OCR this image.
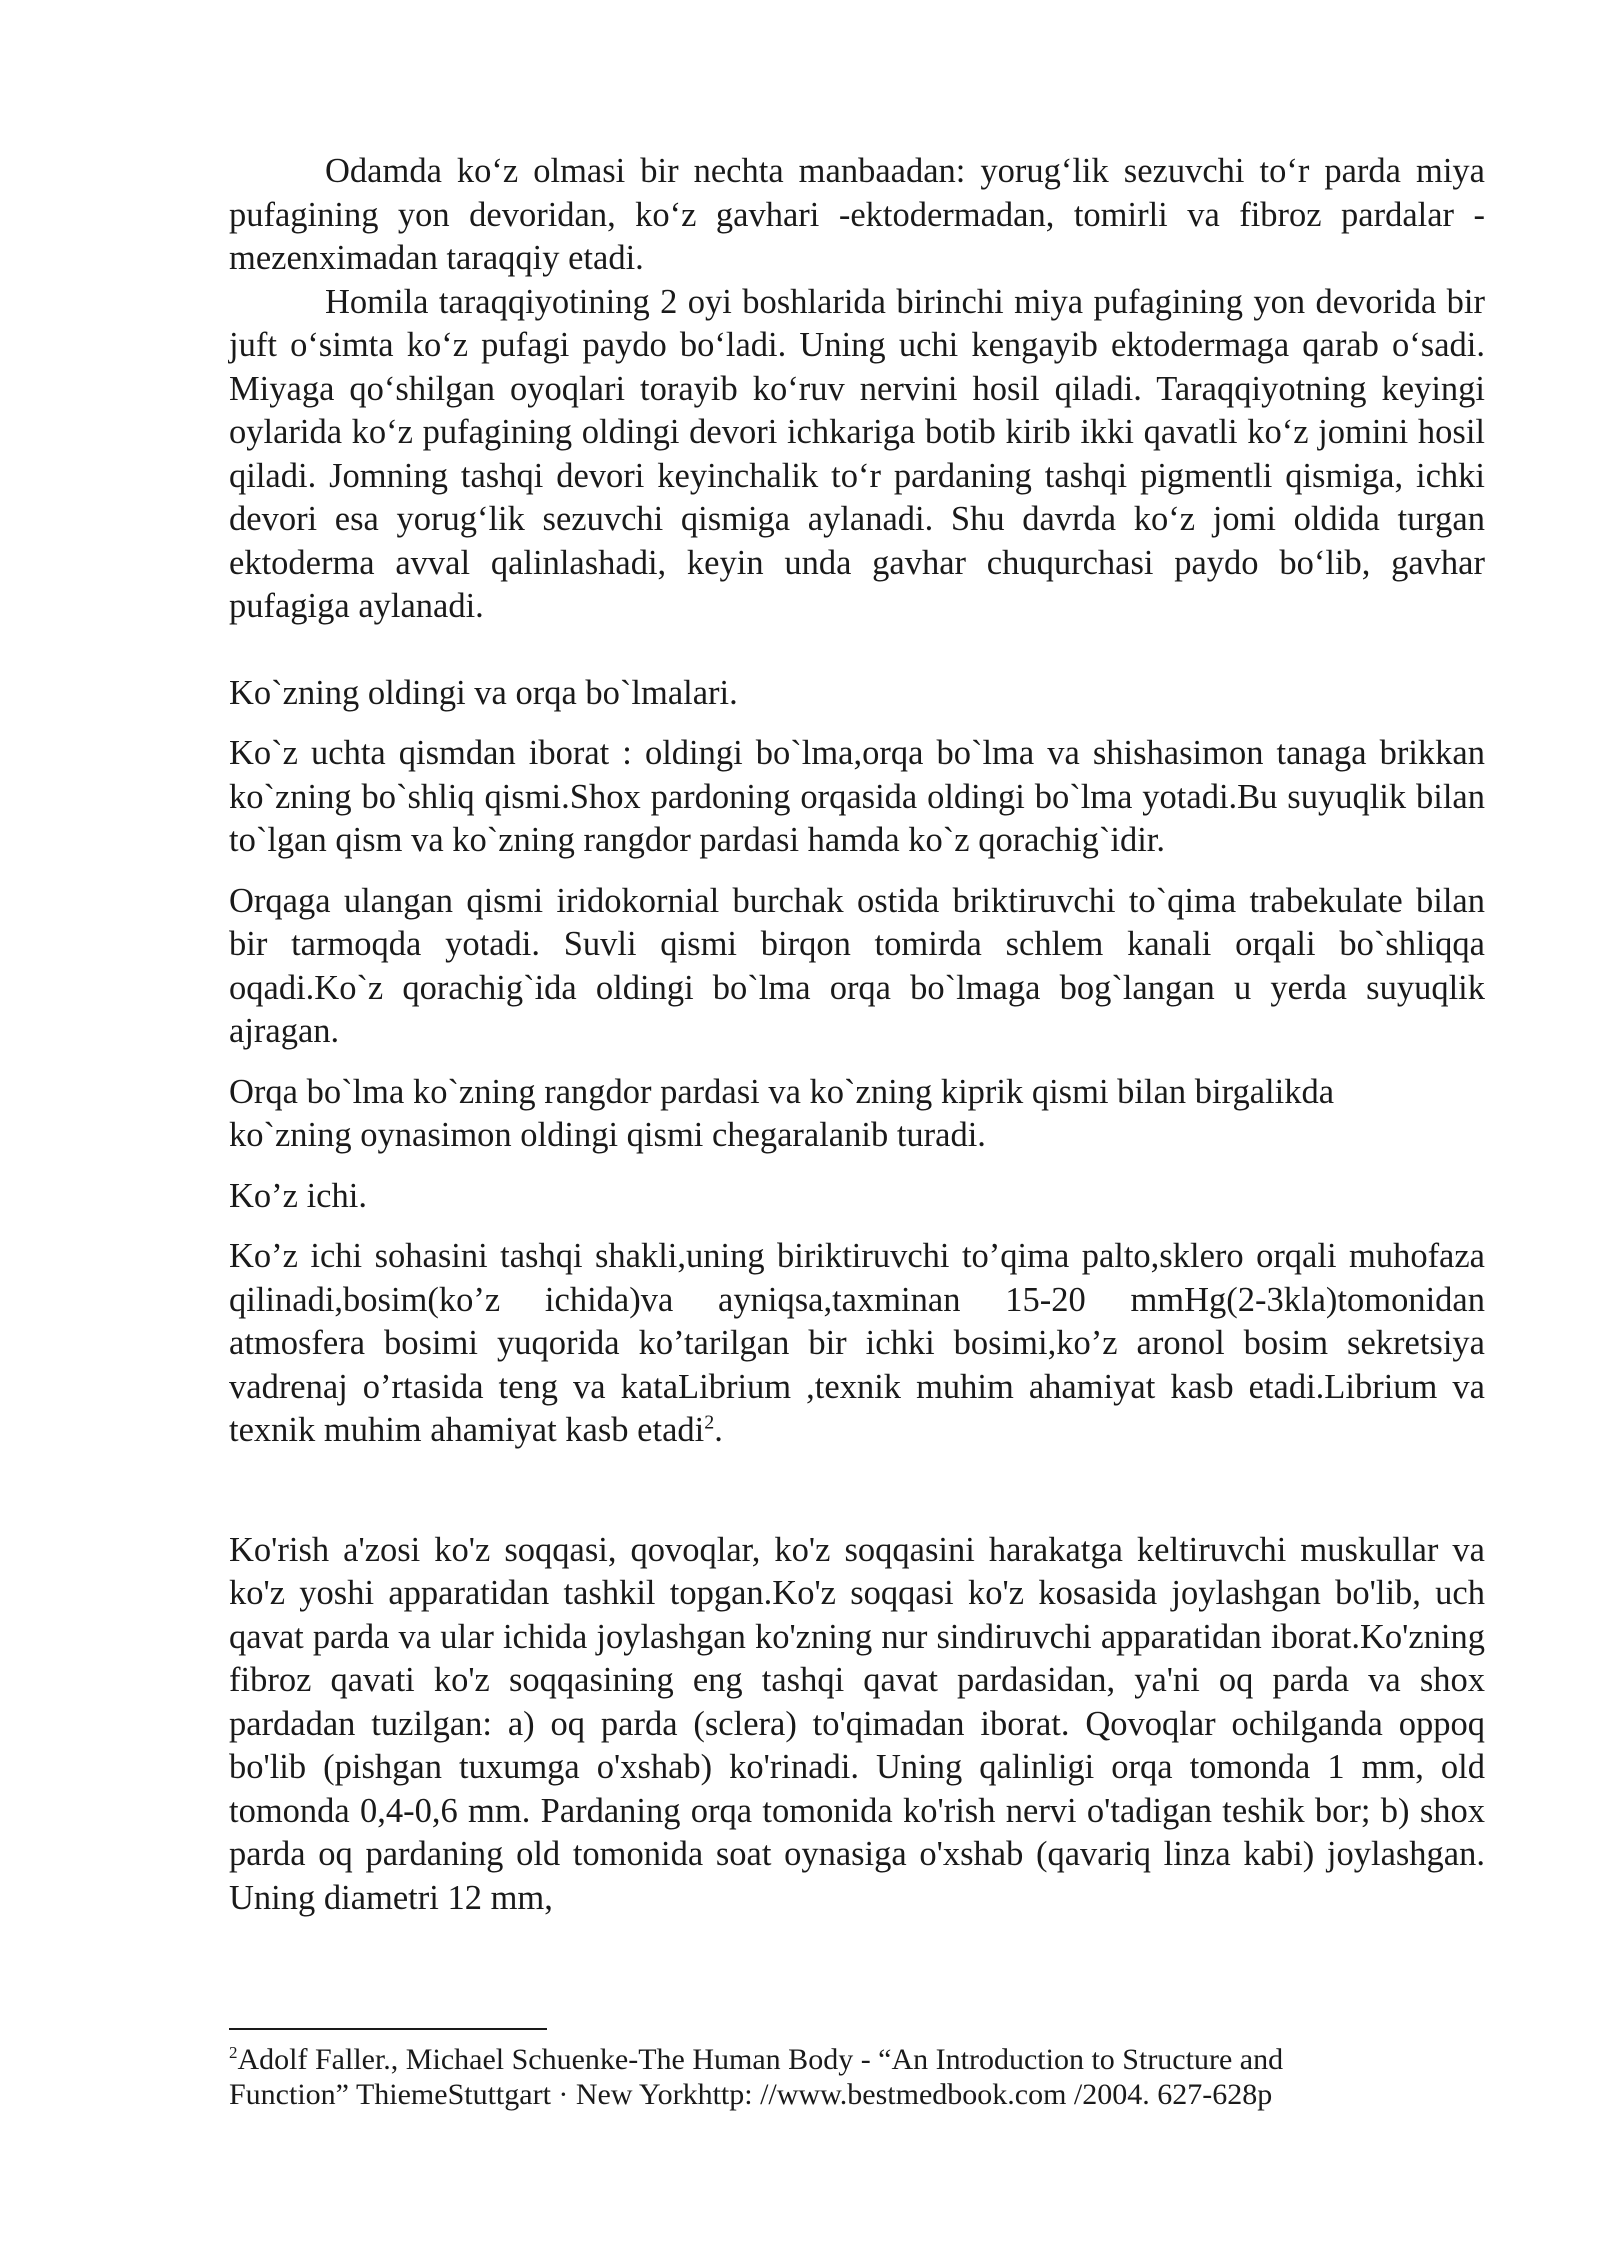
Odamda ko‘z olmasi bir nechta manbaadan: yorug‘lik sezuvchi to‘r parda miya pufagining yon devoridan, ko‘z gavhari -ektodermadan, tomirli va fibroz pardalar - mezenximadan taraqqiy etadi.

Homila taraqqiyotining 2 oyi boshlarida birinchi miya pufagining yon devorida bir juft o‘simta ko‘z pufagi paydo bo‘ladi. Uning uchi kengayib ektodermaga qarab o‘sadi. Miyaga qo‘shilgan oyoqlari torayib ko‘ruv nervini hosil qiladi. Taraqqiyotning keyingi oylarida ko‘z pufagining oldingi devori ichkariga botib kirib ikki qavatli ko‘z jomini hosil qiladi. Jomning tashqi devori keyinchalik to‘r pardaning tashqi pigmentli qismiga, ichki devori esa yorug‘lik sezuvchi qismiga aylanadi. Shu davrda ko‘z jomi oldida turgan ektoderma avval qalinlashadi, keyin unda gavhar chuqurchasi paydo bo‘lib, gavhar pufagiga aylanadi.

Ko`zning oldingi va orqa bo`lmalari.

Ko`z uchta qismdan iborat : oldingi bo`lma,orqa bo`lma va shishasimon tanaga brikkan ko`zning bo`shliq qismi.Shox pardoning orqasida oldingi bo`lma yotadi.Bu suyuqlik bilan to`lgan qism va ko`zning rangdor pardasi hamda ko`z qorachig`idir.

Orqaga ulangan qismi iridokornial burchak ostida briktiruvchi to`qima trabekulate bilan bir tarmoqda yotadi. Suvli qismi birqon tomirda schlem kanali orqali bo`shliqqa oqadi.Ko`z qorachig`ida oldingi bo`lma orqa bo`lmaga bog`langan u yerda suyuqlik ajragan.

Orqa bo`lma ko`zning rangdor pardasi va ko`zning kiprik qismi bilan birgalikda
ko`zning oynasimon oldingi qismi chegaralanib turadi.

Ko’z ichi.

Ko’z ichi sohasini tashqi shakli,uning biriktiruvchi to’qima palto,sklero orqali muhofaza qilinadi,bosim(ko’z ichida)va ayniqsa,taxminan 15-20 mmHg(2-3kla)tomonidan atmosfera bosimi yuqorida ko’tarilgan bir ichki bosimi,ko’z aronol bosim sekretsiya vadrenaj o’rtasida teng va kataLibrium ,texnik muhim ahamiyat kasb etadi.Librium va texnik muhim ahamiyat kasb etadi$^2$.

Ko'rish a'zosi ko'z soqqasi, qovoqlar, ko'z soqqasini harakatga keltiruvchi muskullar va ko'z yoshi apparatidan tashkil topgan.Ko'z soqqasi ko'z kosasida joylashgan bo'lib, uch qavat parda va ular ichida joylashgan ko'zning nur sindiruvchi apparatidan iborat.Ko'zning fibroz qavati ko'z soqqasining eng tashqi qavat pardasidan, ya'ni oq parda va shox pardadan tuzilgan: a) oq parda (sclera) to'qimadan iborat. Qovoqlar ochilganda oppoq bo'lib (pishgan tuxumga o'xshab) ko'rinadi. Uning qalinligi orqa tomonda 1 mm, old tomonda 0,4-0,6 mm. Pardaning orqa tomonida ko'rish nervi o'tadigan teshik bor; b) shox parda oq pardaning old tomonida soat oynasiga o'xshab (qavariq linza kabi) joylashgan. Uning diametri 12 mm,

$^2$Adolf Faller., Michael Schuenke-The Human Body - “An Introduction to Structure and
Function” ThiemeStuttgart · New Yorkhttp: //www.bestmedbook.com /2004. 627-628p
